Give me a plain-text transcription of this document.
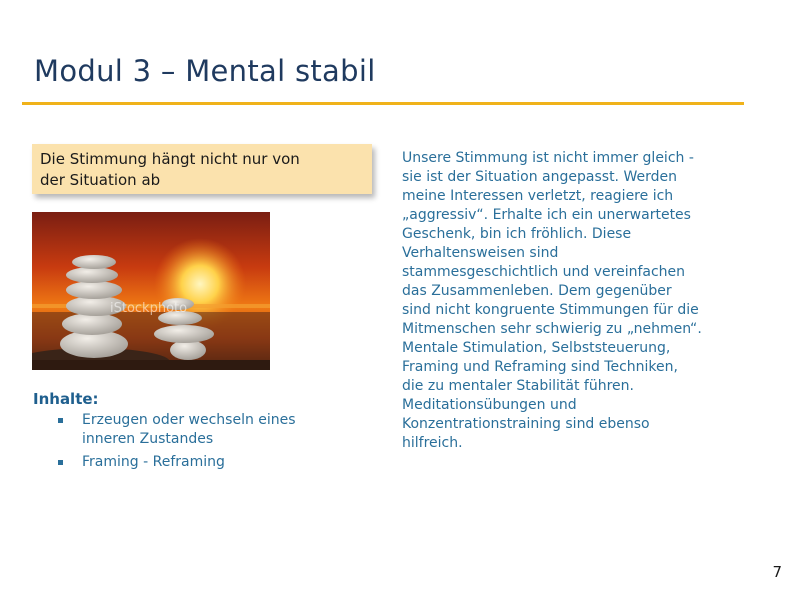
Modul 3 – Mental stabil
Die Stimmung hängt nicht nur von
der Situation ab
iStockphoto
Inhalte:
Erzeugen oder wechseln eines
inneren Zustandes
Framing - Reframing
Unsere Stimmung ist nicht immer gleich -
sie ist der Situation angepasst. Werden
meine Interessen verletzt, reagiere ich
„aggressiv“. Erhalte ich ein unerwartetes
Geschenk, bin ich fröhlich. Diese
Verhaltensweisen sind
stammesgeschichtlich und vereinfachen
das Zusammenleben. Dem gegenüber
sind nicht kongruente Stimmungen für die
Mitmenschen sehr schwierig zu „nehmen“.
Mentale Stimulation, Selbststeuerung,
Framing und Reframing sind Techniken,
die zu mentaler Stabilität führen.
Meditationsübungen und
Konzentrationstraining sind ebenso
hilfreich.
7
